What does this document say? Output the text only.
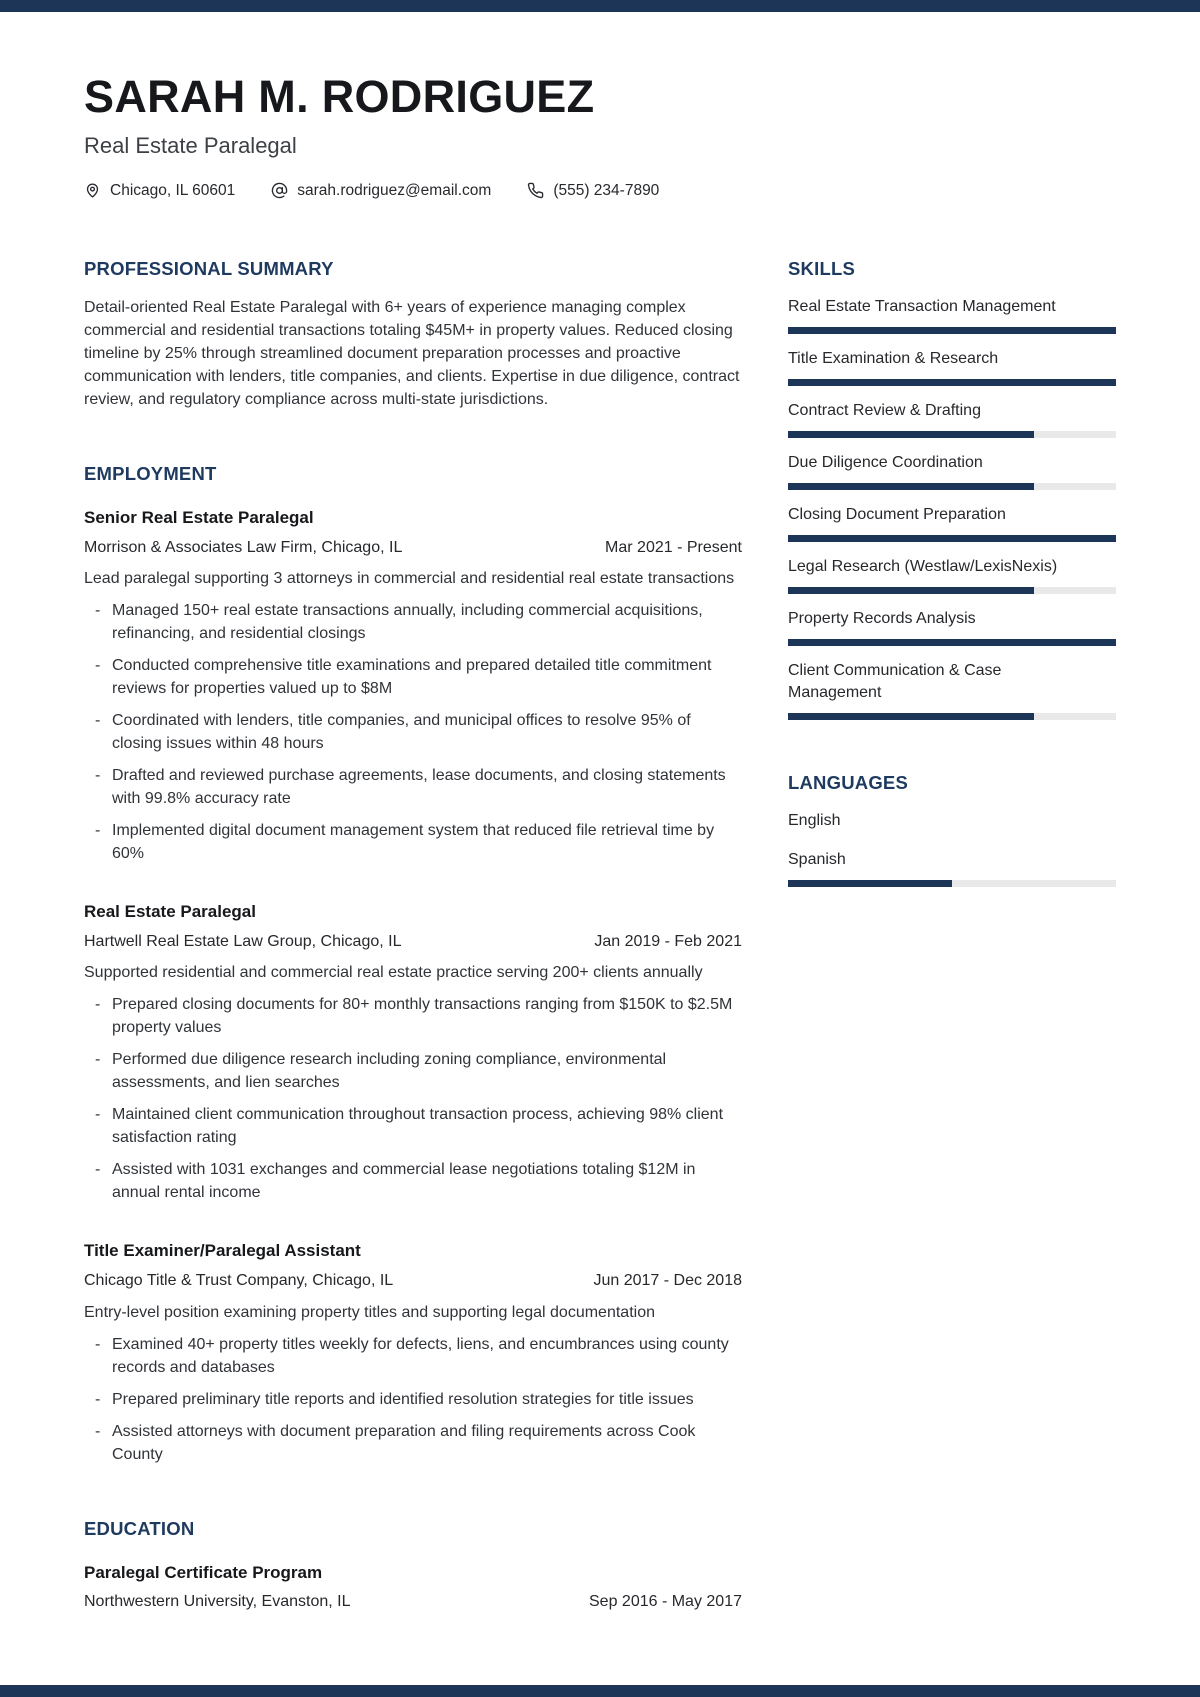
SARAH M. RODRIGUEZ
Real Estate Paralegal
Chicago, IL 60601	sarah.rodriguez@email.com	(555) 234-7890
PROFESSIONAL SUMMARY

Detail-oriented Real Estate Paralegal with 6+ years of experience managing complex commercial and residential transactions totaling $45M+ in property values. Reduced closing timeline by 25% through streamlined document preparation processes and proactive communication with lenders, title companies, and clients. Expertise in due diligence, contract review, and regulatory compliance across multi-state jurisdictions.

EMPLOYMENT
Senior Real Estate Paralegal
Morrison & Associates Law Firm, Chicago, IL	Mar 2021 - Present

Lead paralegal supporting 3 attorneys in commercial and residential real estate transactions

- Managed 150+ real estate transactions annually, including commercial acquisitions, refinancing, and residential closings
- Conducted comprehensive title examinations and prepared detailed title commitment reviews for properties valued up to $8M
- Coordinated with lenders, title companies, and municipal offices to resolve 95% of closing issues within 48 hours
- Drafted and reviewed purchase agreements, lease documents, and closing statements with 99.8% accuracy rate
- Implemented digital document management system that reduced file retrieval time by 60%
Real Estate Paralegal
Hartwell Real Estate Law Group, Chicago, IL	Jan 2019 - Feb 2021

Supported residential and commercial real estate practice serving 200+ clients annually

- Prepared closing documents for 80+ monthly transactions ranging from $150K to $2.5M property values
- Performed due diligence research including zoning compliance, environmental assessments, and lien searches
- Maintained client communication throughout transaction process, achieving 98% client satisfaction rating
- Assisted with 1031 exchanges and commercial lease negotiations totaling $12M in annual rental income
Title Examiner/Paralegal Assistant
Chicago Title & Trust Company, Chicago, IL	Jun 2017 - Dec 2018

Entry-level position examining property titles and supporting legal documentation

- Examined 40+ property titles weekly for defects, liens, and encumbrances using county records and databases
- Prepared preliminary title reports and identified resolution strategies for title issues
- Assisted attorneys with document preparation and filing requirements across Cook County
EDUCATION
Paralegal Certificate Program
Northwestern University, Evanston, IL	Sep 2016 - May 2017
SKILLS
Real Estate Transaction Management
Title Examination & Research
Contract Review & Drafting
Due Diligence Coordination
Closing Document Preparation
Legal Research (Westlaw/LexisNexis)
Property Records Analysis
Client Communication & Case Management
LANGUAGES
English
Spanish
